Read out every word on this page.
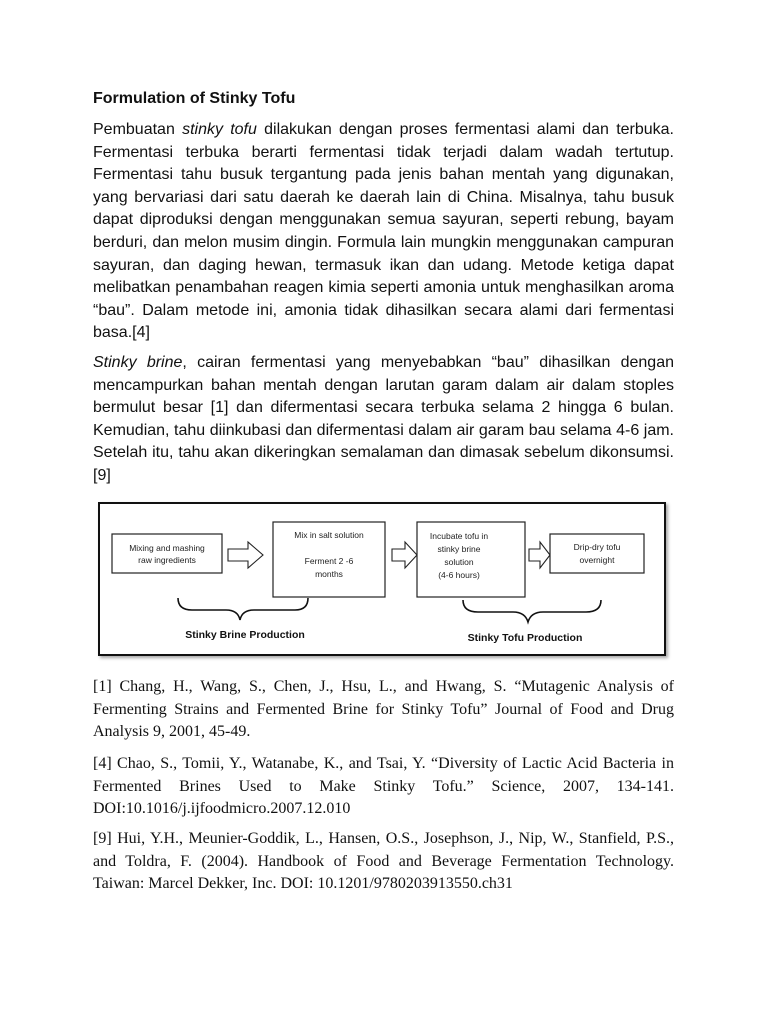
Formulation of Stinky Tofu

Pembuatan stinky tofu dilakukan dengan proses fermentasi alami dan terbuka. Fermentasi terbuka berarti fermentasi tidak terjadi dalam wadah tertutup. Fermentasi tahu busuk tergantung pada jenis bahan mentah yang digunakan, yang bervariasi dari satu daerah ke daerah lain di China. Misalnya, tahu busuk dapat diproduksi dengan menggunakan semua sayuran, seperti rebung, bayam berduri, dan melon musim dingin. Formula lain mungkin menggunakan campuran sayuran, dan daging hewan, termasuk ikan dan udang. Metode ketiga dapat melibatkan penambahan reagen kimia seperti amonia untuk menghasilkan aroma “bau”. Dalam metode ini, amonia tidak dihasilkan secara alami dari fermentasi basa.[4]

Stinky brine, cairan fermentasi yang menyebabkan “bau” dihasilkan dengan mencampurkan bahan mentah dengan larutan garam dalam air dalam stoples bermulut besar [1] dan difermentasi secara terbuka selama 2 hingga 6 bulan. Kemudian, tahu diinkubasi dan difermentasi dalam air garam bau selama 4-6 jam. Setelah itu, tahu akan dikeringkan semalaman dan dimasak sebelum dikonsumsi.[9]

Mixing and mashing
raw ingredients
Mix in salt solution
Ferment 2 -6
months
Incubate tofu in
stinky brine
solution
(4-6 hours)
Drip-dry tofu
overnight
Stinky Brine Production	Stinky Tofu Production

[1] Chang, H., Wang, S., Chen, J., Hsu, L., and Hwang, S. “Mutagenic Analysis of Fermenting Strains and Fermented Brine for Stinky Tofu” Journal of Food and Drug Analysis 9, 2001, 45-49.

[4] Chao, S., Tomii, Y., Watanabe, K., and Tsai, Y. “Diversity of Lactic Acid Bacteria in Fermented Brines Used to Make Stinky Tofu.” Science, 2007, 134-141. DOI:10.1016/j.ijfoodmicro.2007.12.010

[9] Hui, Y.H., Meunier-Goddik, L., Hansen, O.S., Josephson, J., Nip, W., Stanfield, P.S., and Toldra, F. (2004). Handbook of Food and Beverage Fermentation Technology. Taiwan: Marcel Dekker, Inc. DOI: 10.1201/9780203913550.ch31
